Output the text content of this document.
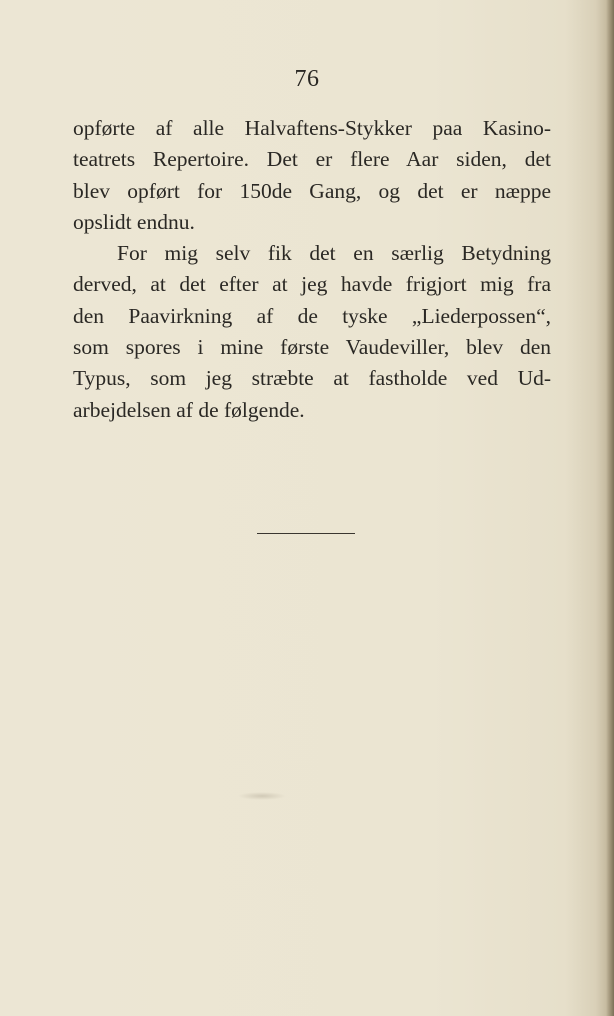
76
opførte af alle Halvaftens-Stykker paa Kasino-
teatrets Repertoire. Det er flere Aar siden, det
blev opført for 150de Gang, og det er næppe
opslidt endnu.
For mig selv fik det en særlig Betydning
derved, at det efter at jeg havde frigjort mig fra
den Paavirkning af de tyske „Liederpossen“,
som spores i mine første Vaudeviller, blev den
Typus, som jeg stræbte at fastholde ved Ud-
arbejdelsen af de følgende.
